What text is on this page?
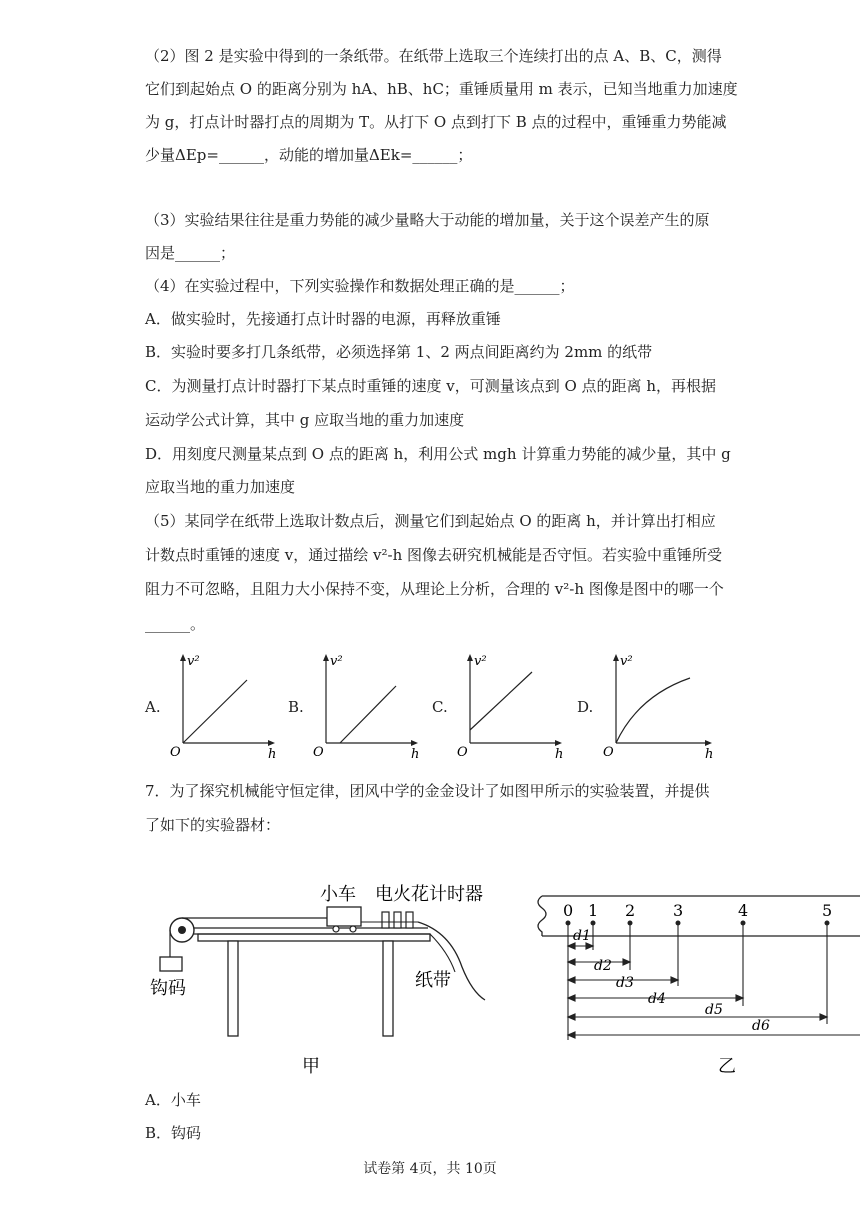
（2）图 2 是实验中得到的一条纸带。在纸带上选取三个连续打出的点 A、B、C，测得
它们到起始点 O 的距离分别为 hA、hB、hC；重锤质量用 m 表示，已知当地重力加速度
为 g，打点计时器打点的周期为 T。从打下 O 点到打下 B 点的过程中，重锤重力势能减
少量ΔEp=______，动能的增加量ΔEk=______；
（3）实验结果往往是重力势能的减少量略大于动能的增加量，关于这个误差产生的原
因是______；
（4）在实验过程中，下列实验操作和数据处理正确的是______；
A．做实验时，先接通打点计时器的电源，再释放重锤
B．实验时要多打几条纸带，必须选择第 1、2 两点间距离约为 2mm 的纸带
C．为测量打点计时器打下某点时重锤的速度 v，可测量该点到 O 点的距离 h，再根据
运动学公式计算，其中 g 应取当地的重力加速度
D．用刻度尺测量某点到 O 点的距离 h，利用公式 mgh 计算重力势能的减少量，其中 g
应取当地的重力加速度
（5）某同学在纸带上选取计数点后，测量它们到起始点 O 的距离 h，并计算出打相应
计数点时重锤的速度 v，通过描绘 v²-h 图像去研究机械能是否守恒。若实验中重锤所受
阻力不可忽略，且阻力大小保持不变，从理论上分析，合理的 v²-h 图像是图中的哪一个
______。
A.
v²
O	h
B.
v²
O	h
C.
v²
O	h
D.
v²
O	h
7．为了探究机械能守恒定律，团风中学的金金设计了如图甲所示的实验装置，并提供
了如下的实验器材：
小车 电火花计时器
钩码	纸带
甲
0 1 2 3	4	5
d1
d2
d3
d4
d5
d6
乙
A．小车
B．钩码
试卷第 4页，共 10页
